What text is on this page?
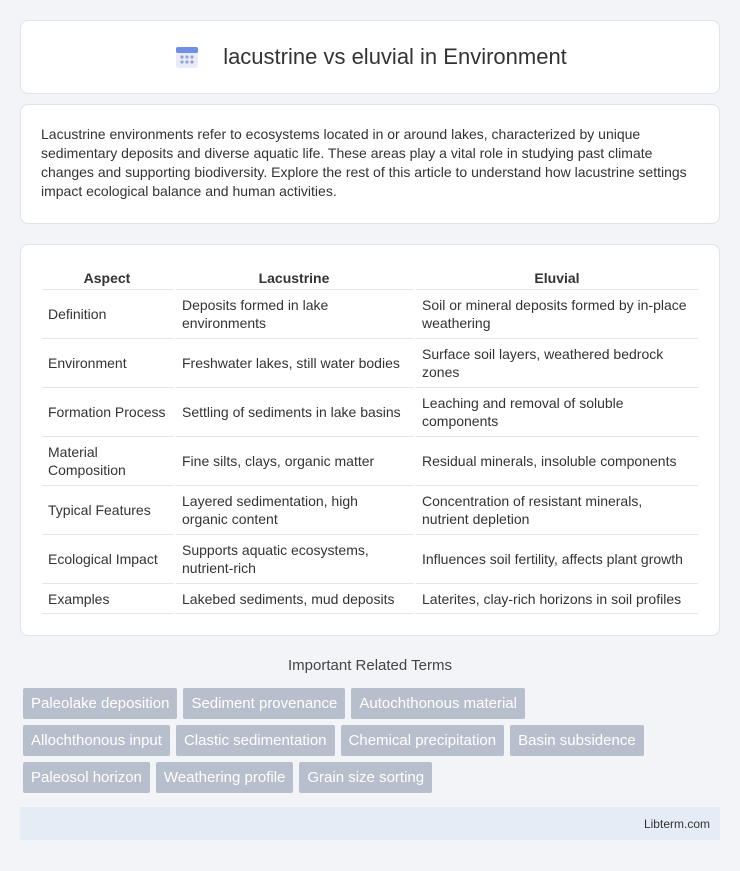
lacustrine vs eluvial in Environment

Lacustrine environments refer to ecosystems located in or around lakes, characterized by unique sedimentary deposits and diverse aquatic life. These areas play a vital role in studying past climate changes and supporting biodiversity. Explore the rest of this article to understand how lacustrine settings impact ecological balance and human activities.

Aspect	Lacustrine	Eluvial
Definition	Deposits formed in lake environments	Soil or mineral deposits formed by in-place weathering
Environment	Freshwater lakes, still water bodies	Surface soil layers, weathered bedrock zones
Formation Process	Settling of sediments in lake basins	Leaching and removal of soluble components
Material Composition	Fine silts, clays, organic matter	Residual minerals, insoluble components
Typical Features	Layered sedimentation, high organic content	Concentration of resistant minerals, nutrient depletion
Ecological Impact	Supports aquatic ecosystems, nutrient-rich	Influences soil fertility, affects plant growth
Examples	Lakebed sediments, mud deposits	Laterites, clay-rich horizons in soil profiles
Important Related Terms
Paleolake deposition	Sediment provenance	Autochthonous material
Allochthonous input	Clastic sedimentation	Chemical precipitation	Basin subsidence
Paleosol horizon	Weathering profile	Grain size sorting
Libterm.com
